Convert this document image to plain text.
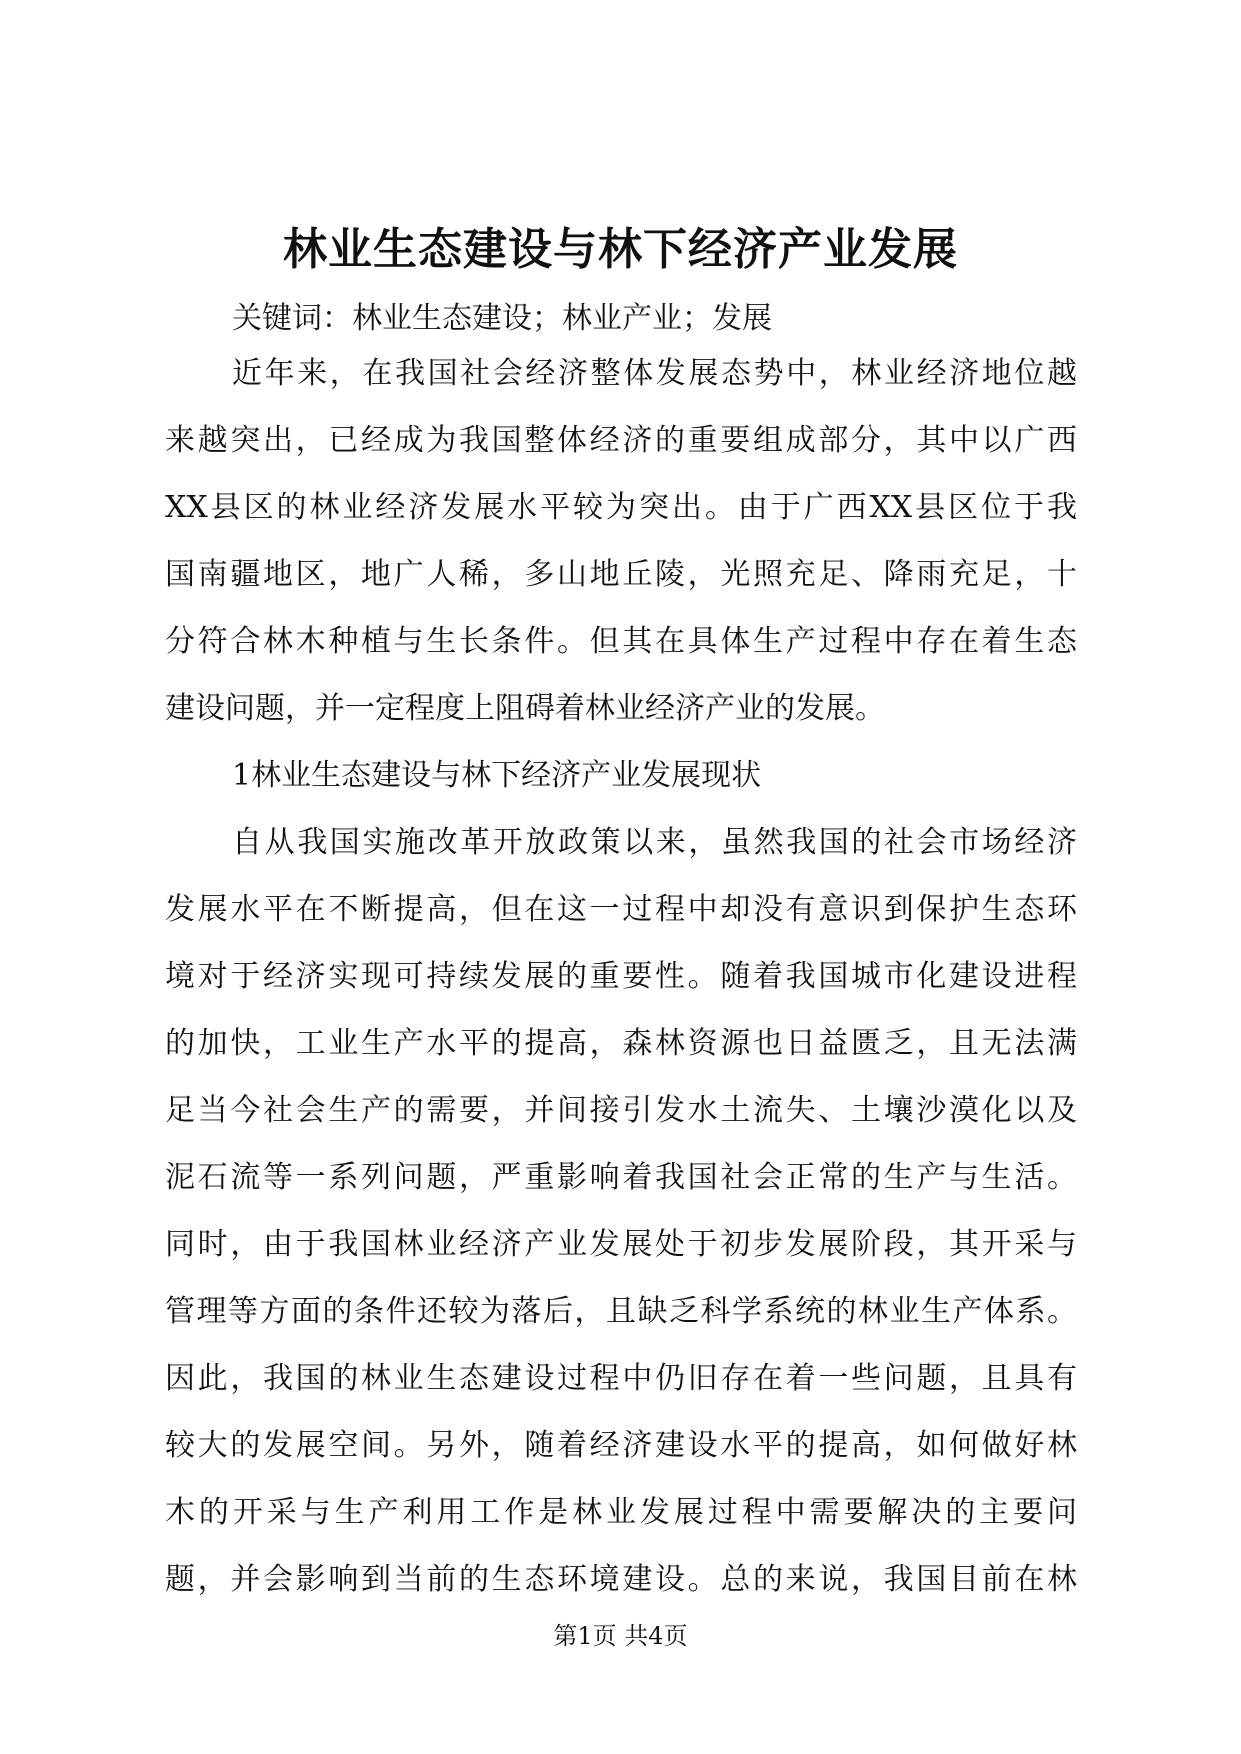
林业生态建设与林下经济产业发展

关键词：林业生态建设；林业产业；发展

近年来，在我国社会经济整体发展态势中，林业经济地位越
来越突出，已经成为我国整体经济的重要组成部分，其中以广西
XX县区的林业经济发展水平较为突出。由于广西XX县区位于我
国南疆地区，地广人稀，多山地丘陵，光照充足、降雨充足，十
分符合林木种植与生长条件。但其在具体生产过程中存在着生态
建设问题，并一定程度上阻碍着林业经济产业的发展。
1林业生态建设与林下经济产业发展现状
自从我国实施改革开放政策以来，虽然我国的社会市场经济
发展水平在不断提高，但在这一过程中却没有意识到保护生态环
境对于经济实现可持续发展的重要性。随着我国城市化建设进程
的加快，工业生产水平的提高，森林资源也日益匮乏，且无法满
足当今社会生产的需要，并间接引发水土流失、土壤沙漠化以及
泥石流等一系列问题，严重影响着我国社会正常的生产与生活。
同时，由于我国林业经济产业发展处于初步发展阶段，其开采与
管理等方面的条件还较为落后，且缺乏科学系统的林业生产体系。
因此，我国的林业生态建设过程中仍旧存在着一些问题，且具有
较大的发展空间。另外，随着经济建设水平的提高，如何做好林
木的开采与生产利用工作是林业发展过程中需要解决的主要问
题，并会影响到当前的生态环境建设。总的来说，我国目前在林

第1页 共4页
